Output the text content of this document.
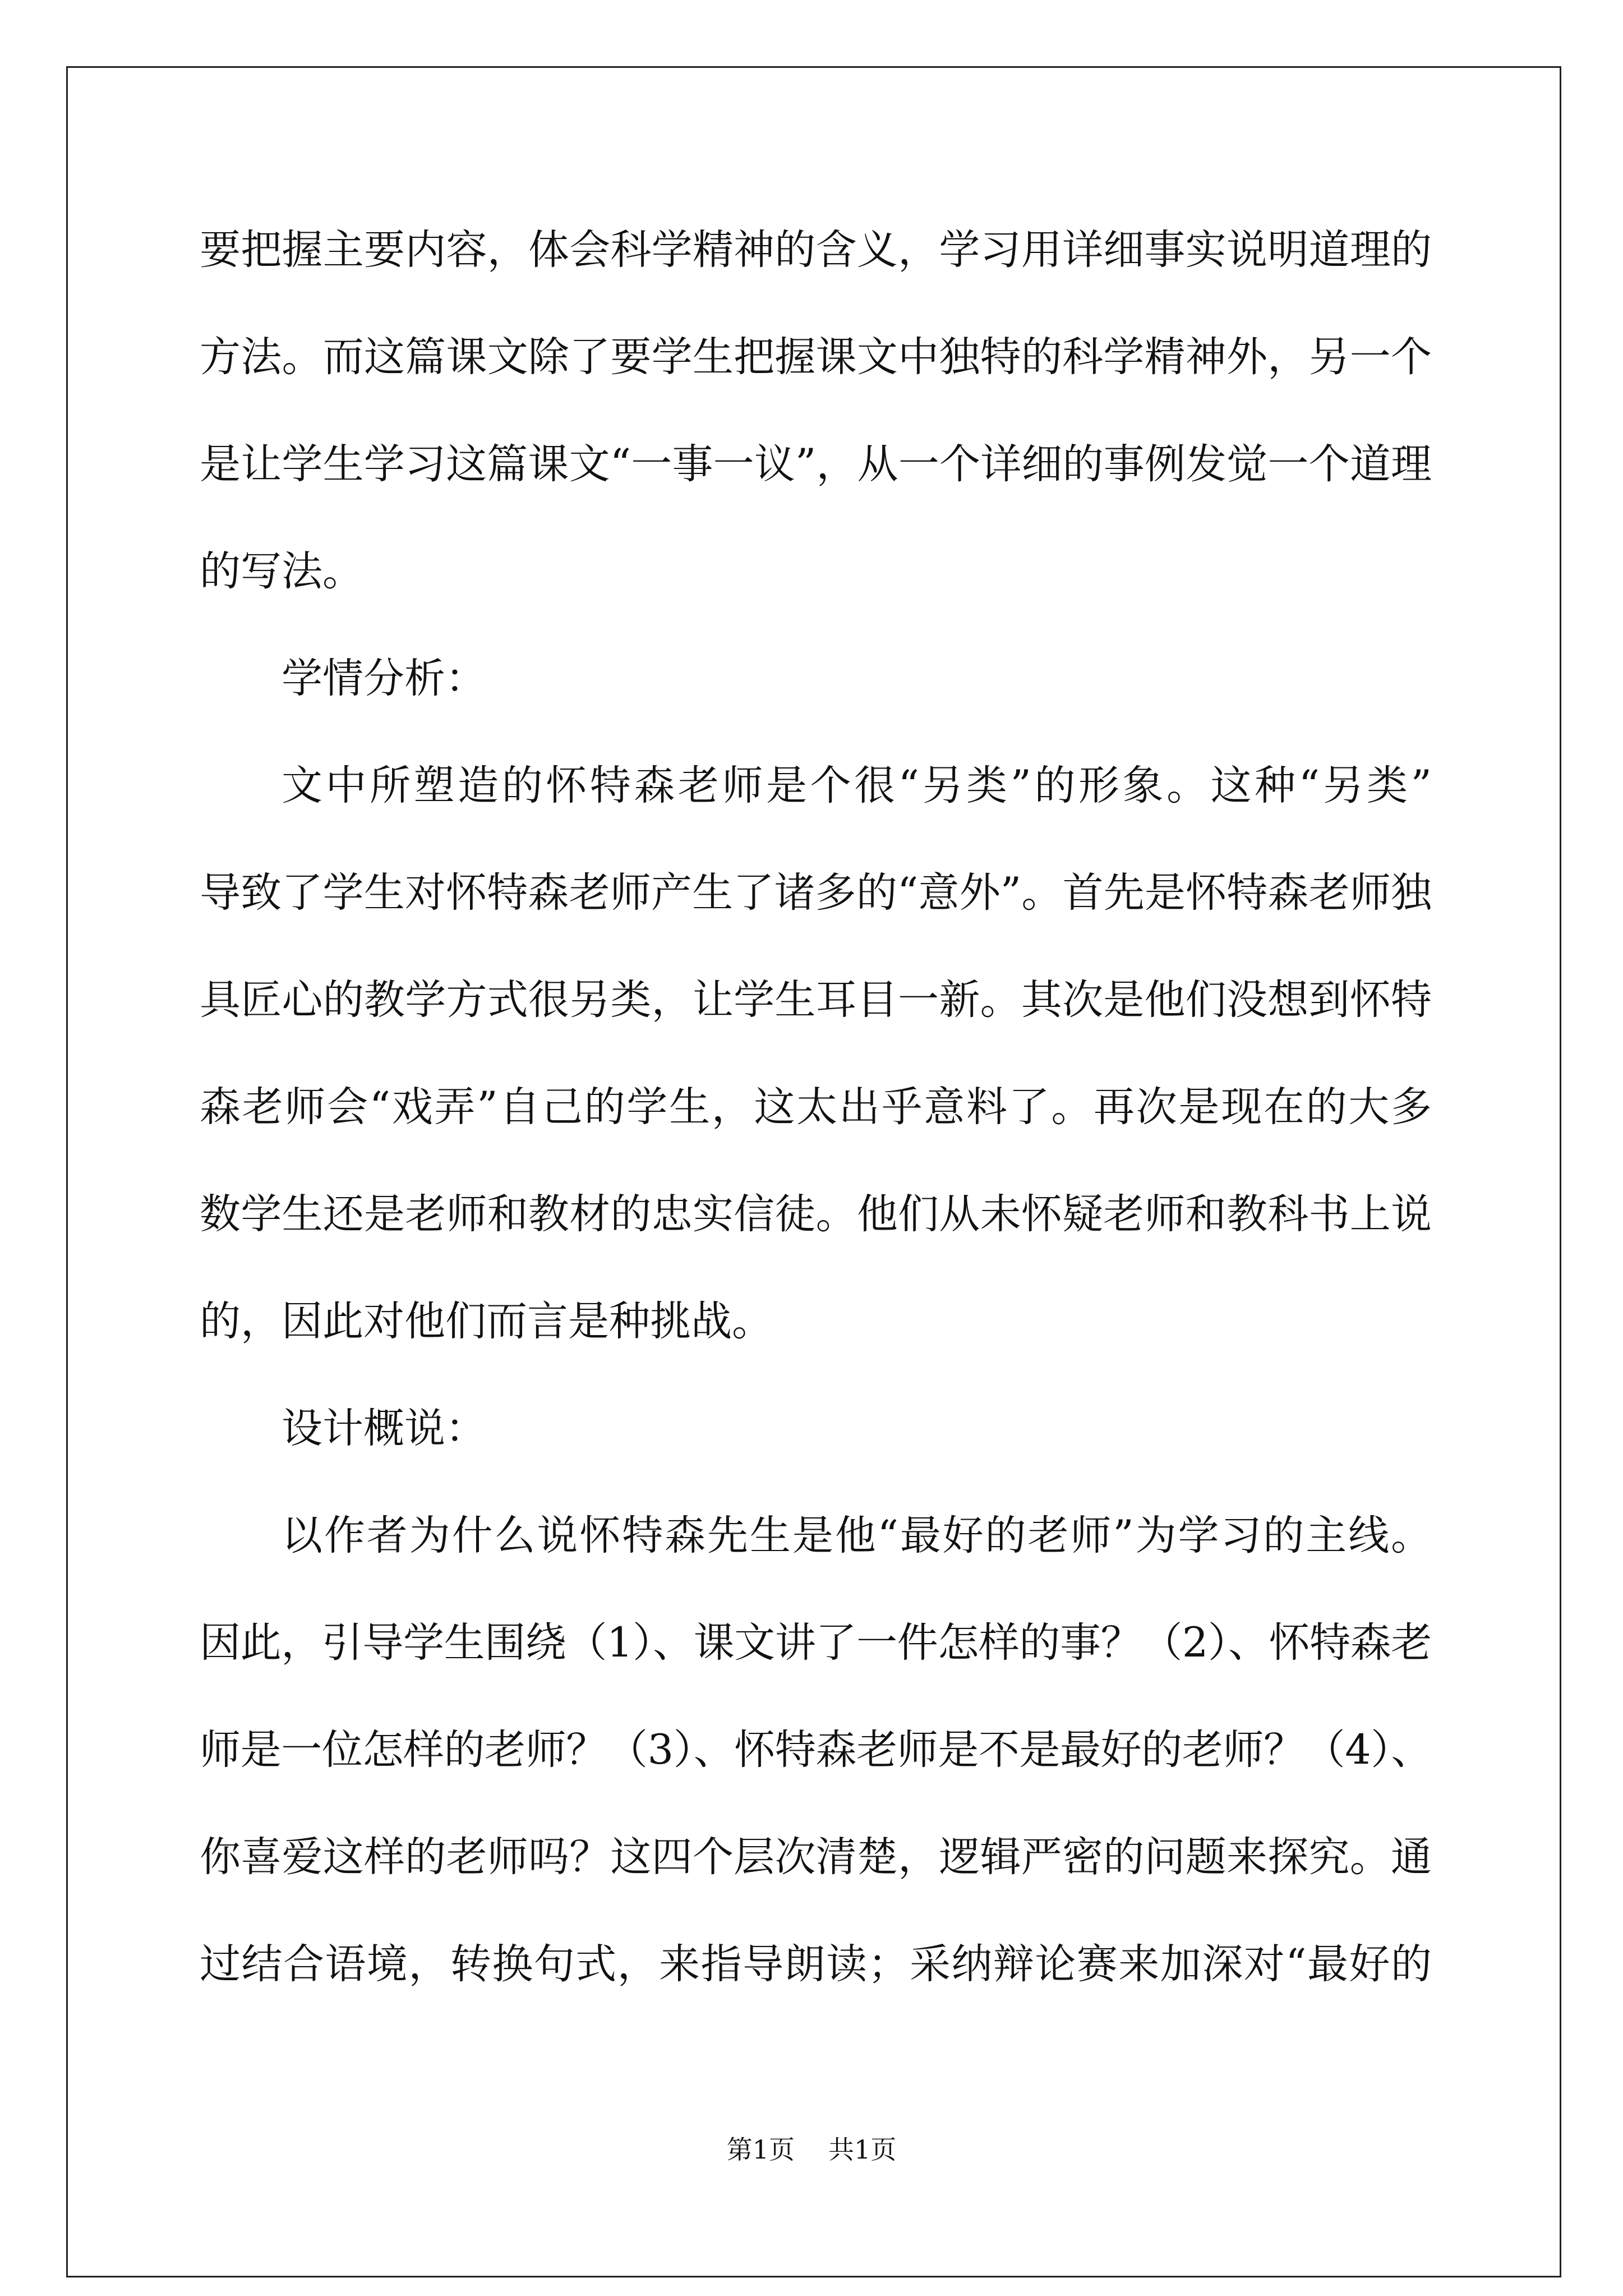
要把握主要内容，体会科学精神的含义，学习用详细事实说明道理的
方法。而这篇课文除了要学生把握课文中独特的科学精神外，另一个
是让学生学习这篇课文“一事一议”，从一个详细的事例发觉一个道理
的写法。
学情分析：
文中所塑造的怀特森老师是个很“另类”的形象。这种“另类”
导致了学生对怀特森老师产生了诸多的“意外”。首先是怀特森老师独
具匠心的教学方式很另类，让学生耳目一新。其次是他们没想到怀特
森老师会“戏弄”自己的学生，这太出乎意料了。再次是现在的大多
数学生还是老师和教材的忠实信徒。他们从未怀疑老师和教科书上说
的，因此对他们而言是种挑战。
设计概说：
以作者为什么说怀特森先生是他“最好的老师”为学习的主线。
因此，引导学生围绕（1）、课文讲了一件怎样的事？（2）、怀特森老
师是一位怎样的老师？（3）、怀特森老师是不是最好的老师？（4）、
你喜爱这样的老师吗？这四个层次清楚，逻辑严密的问题来探究。通
过结合语境，转换句式，来指导朗读；采纳辩论赛来加深对“最好的
第1页 共1页
